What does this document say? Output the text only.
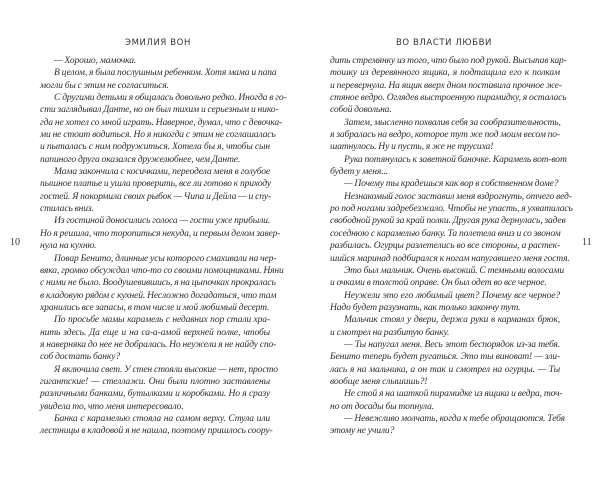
ЭМИЛИЯ ВОН	ВО ВЛАСТИ ЛЮБВИ
10	11
— Хорошо, мамочка.
В целом, я была послушным ребенком. Хотя мама и папа
могли бы с этим не согласиться.
С другими детьми я общалась довольно редко. Иногда в го-
сти заглядывал Данте, но он был тихим и серьезным и нико-
гда не хотел со мной играть. Наверное, думал, что с девочка-
ми не стоит водиться. Но я никогда с этим не соглашалась
и пыталась с ним подружиться. Хотела бы я, чтобы сын
папиного друга оказался дружелюбнее, чем Данте.
Мама закончила с косичками, переодела меня в голубое
пышное платье и ушла проверить, все ли готово к приходу
гостей. Я покормила своих рыбок — Чипа и Дейла — и спу-
стилась вниз.
Из гостиной доносились голоса — гости уже прибыли.
Но я решила, что торопиться некуда, и первым делом завер-
нула на кухню.
Повар Бенито, длинные усы которого смахивали на чер-
вяка, громко обсуждал что-то со своими помощниками. Няни
с ними не было. Воодушевившись, я на цыпочках прокралась
в кладовую рядом с кухней. Несложно догадаться, что там
хранились все запасы, в том числе и мой любимый десерт.
По просьбе мамы карамель с недавних пор стали хра-
нить здесь. Да еще и на са-а-амой верхней полке, чтобы
я наверняка до нее не добралась. Но неужели я не найду спо-
соб достать банку?
Я включила свет. У стен стояли высокие — нет, просто
гигантские! — стеллажи. Они были плотно заставлены
различными банками, бутылками и коробками. Но я сразу
увидела то, что меня интересовало.
Банка с карамелью стояла на самом верху. Стула или
лестницы в кладовой я не нашла, поэтому пришлось соору-
дить стремянку из того, что было под рукой. Высыпав кар-
тошку из деревянного ящика, я подтащила его к полкам
и перевернула. На ящик вверх дном поставила прочное же-
стяное ведро. Оглядев выстроенную пирамидку, я осталась
собой довольна.
Затем, мысленно похвалив себя за сообразительность,
я забралась на ведро, которое тут же под моим весом по-
шатнулось. Ну и пусть, я же не трусиха!
Рука потянулась к заветной баночке. Карамель вот-вот
будет у меня...
— Почему ты крадешься как вор в собственном доме?
Незнакомый голос заставил меня вздрогнуть, отчего вед-
ро под ногами задребезжало. Чтобы не упасть, я ухватилась
свободной рукой за край полки. Другая рука дернулась, задев
соседнюю с карамелью банку. Та полетела вниз и со звоном
разбилась. Огурцы разлетелись во все стороны, а растек-
шийся маринад подбирался к ногам напугавшего меня гостя.
Это был мальчик. Очень высокий. С темными волосами
и очками в толстой оправе. Он был одет во все черное.
Неужели это его любимый цвет? Почему все черное?
Надо будет разузнать, как только закончу тут.
Мальчик стоял у двери, держа руки в карманах брюк,
и смотрел на разбитую банку.
— Ты напугал меня. Весь этот беспорядок из-за тебя.
Бенито теперь будет ругаться. Это ты виноват! — зли-
лась я на мальчика, а он так и смотрел на огурцы. — Ты
вообще меня слышишь?!
Не стой я на шаткой пирамидке из ящика и ведра, точ-
но от досады бы топнула.
— Невежливо молчать, когда к тебе обращаются. Тебя
этому не учили?
